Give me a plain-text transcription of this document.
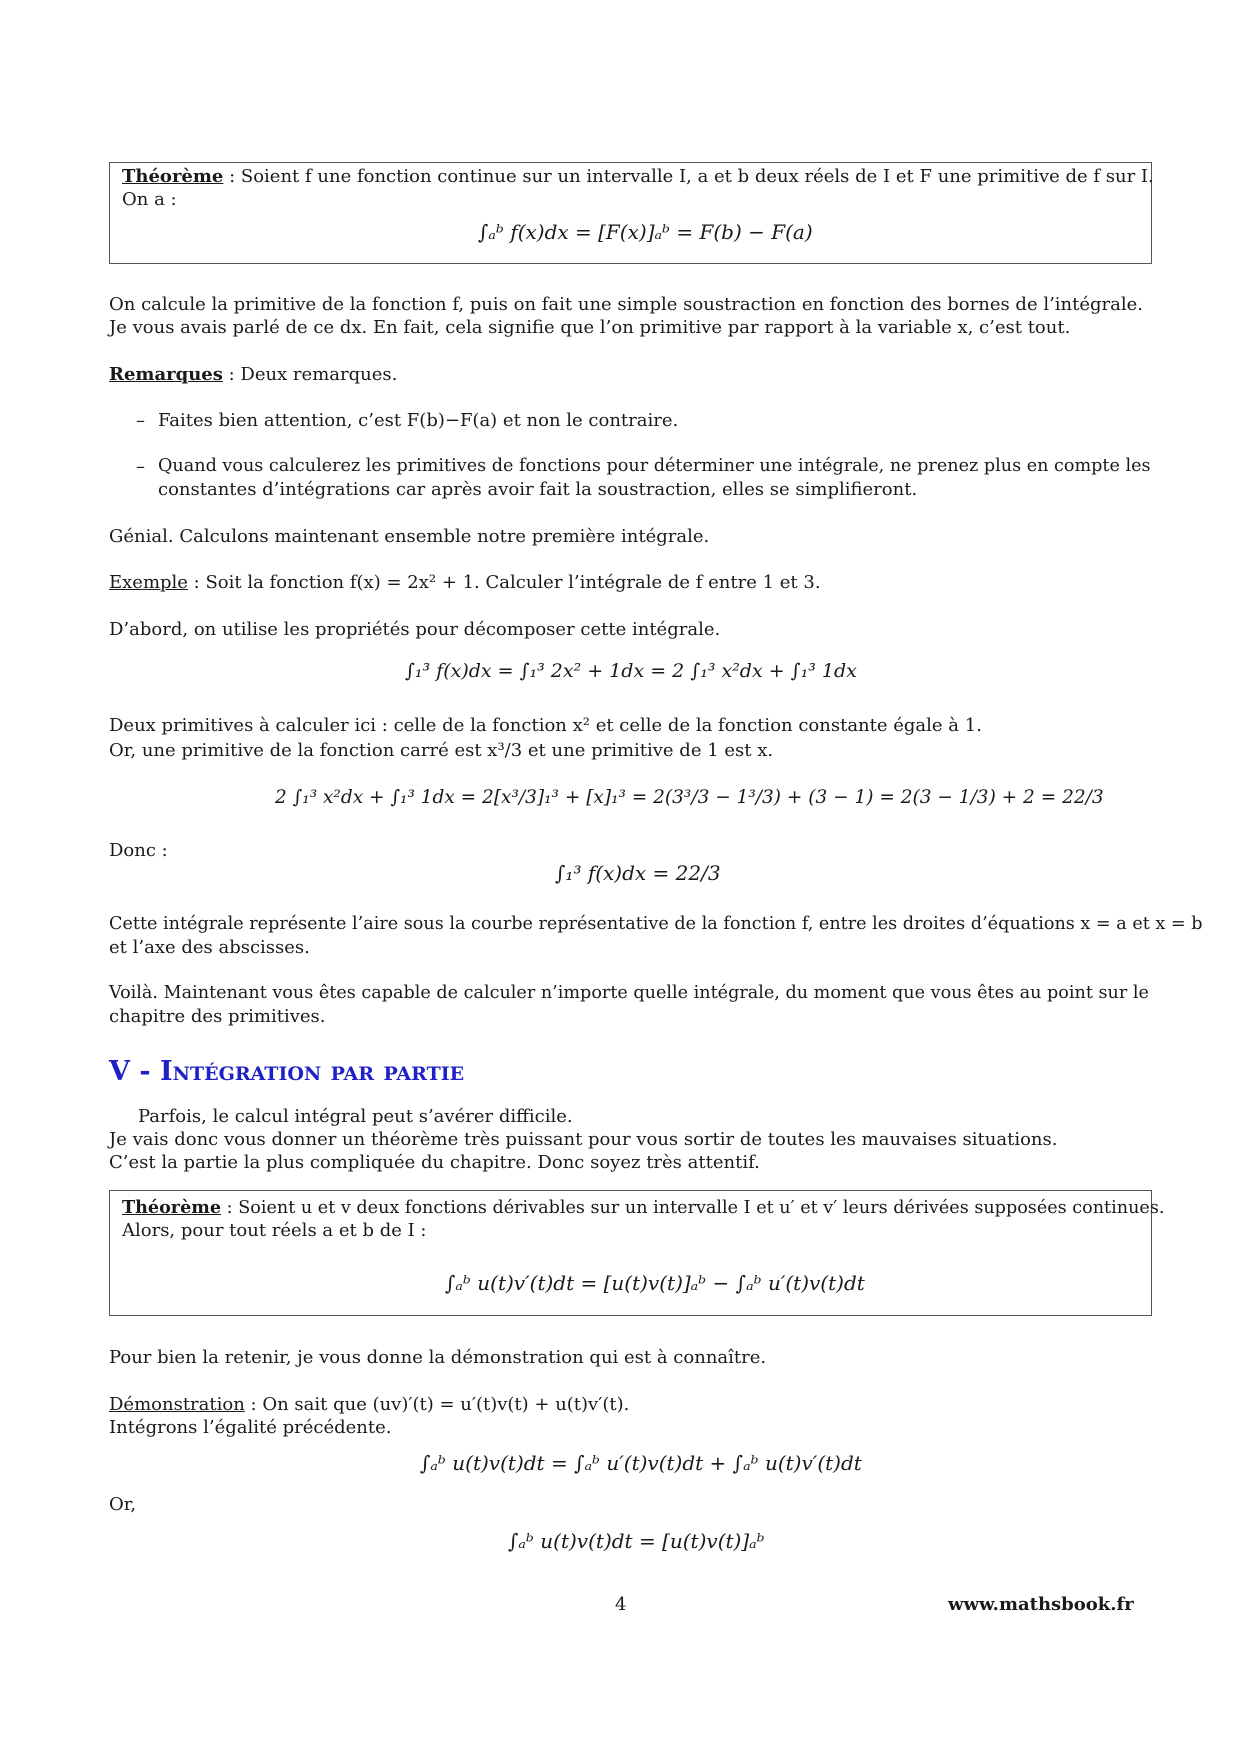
Théorème : Soient f une fonction continue sur un intervalle I, a et b deux réels de I et F une primitive de f sur I.
On a :
∫ₐᵇ f(x)dx = [F(x)]ₐᵇ = F(b) − F(a)
On calcule la primitive de la fonction f, puis on fait une simple soustraction en fonction des bornes de l’intégrale.
Je vous avais parlé de ce dx. En fait, cela signifie que l’on primitive par rapport à la variable x, c’est tout.
Remarques : Deux remarques.
– Faites bien attention, c’est F(b)−F(a) et non le contraire.
– Quand vous calculerez les primitives de fonctions pour déterminer une intégrale, ne prenez plus en compte les
constantes d’intégrations car après avoir fait la soustraction, elles se simplifieront.
Génial. Calculons maintenant ensemble notre première intégrale.
Exemple : Soit la fonction f(x) = 2x² + 1. Calculer l’intégrale de f entre 1 et 3.
D’abord, on utilise les propriétés pour décomposer cette intégrale.
∫₁³ f(x)dx = ∫₁³ 2x² + 1dx = 2 ∫₁³ x²dx + ∫₁³ 1dx
Deux primitives à calculer ici : celle de la fonction x² et celle de la fonction constante égale à 1.
Or, une primitive de la fonction carré est x³/3 et une primitive de 1 est x.
2 ∫₁³ x²dx + ∫₁³ 1dx = 2[x³/3]₁³ + [x]₁³ = 2(3³/3 − 1³/3) + (3 − 1) = 2(3 − 1/3) + 2 = 22/3
Donc :
∫₁³ f(x)dx = 22/3
Cette intégrale représente l’aire sous la courbe représentative de la fonction f, entre les droites d’équations x = a et x = b
et l’axe des abscisses.
Voilà. Maintenant vous êtes capable de calculer n’importe quelle intégrale, du moment que vous êtes au point sur le
chapitre des primitives.
V - Intégration par partie
Parfois, le calcul intégral peut s’avérer difficile.
Je vais donc vous donner un théorème très puissant pour vous sortir de toutes les mauvaises situations.
C’est la partie la plus compliquée du chapitre. Donc soyez très attentif.
Théorème : Soient u et v deux fonctions dérivables sur un intervalle I et u′ et v′ leurs dérivées supposées continues.
Alors, pour tout réels a et b de I :
∫ₐᵇ u(t)v′(t)dt = [u(t)v(t)]ₐᵇ − ∫ₐᵇ u′(t)v(t)dt
Pour bien la retenir, je vous donne la démonstration qui est à connaître.
Démonstration : On sait que (uv)′(t) = u′(t)v(t) + u(t)v′(t).
Intégrons l’égalité précédente.
∫ₐᵇ u(t)v(t)dt = ∫ₐᵇ u′(t)v(t)dt + ∫ₐᵇ u(t)v′(t)dt
Or,
∫ₐᵇ u(t)v(t)dt = [u(t)v(t)]ₐᵇ
4	www.mathsbook.fr
